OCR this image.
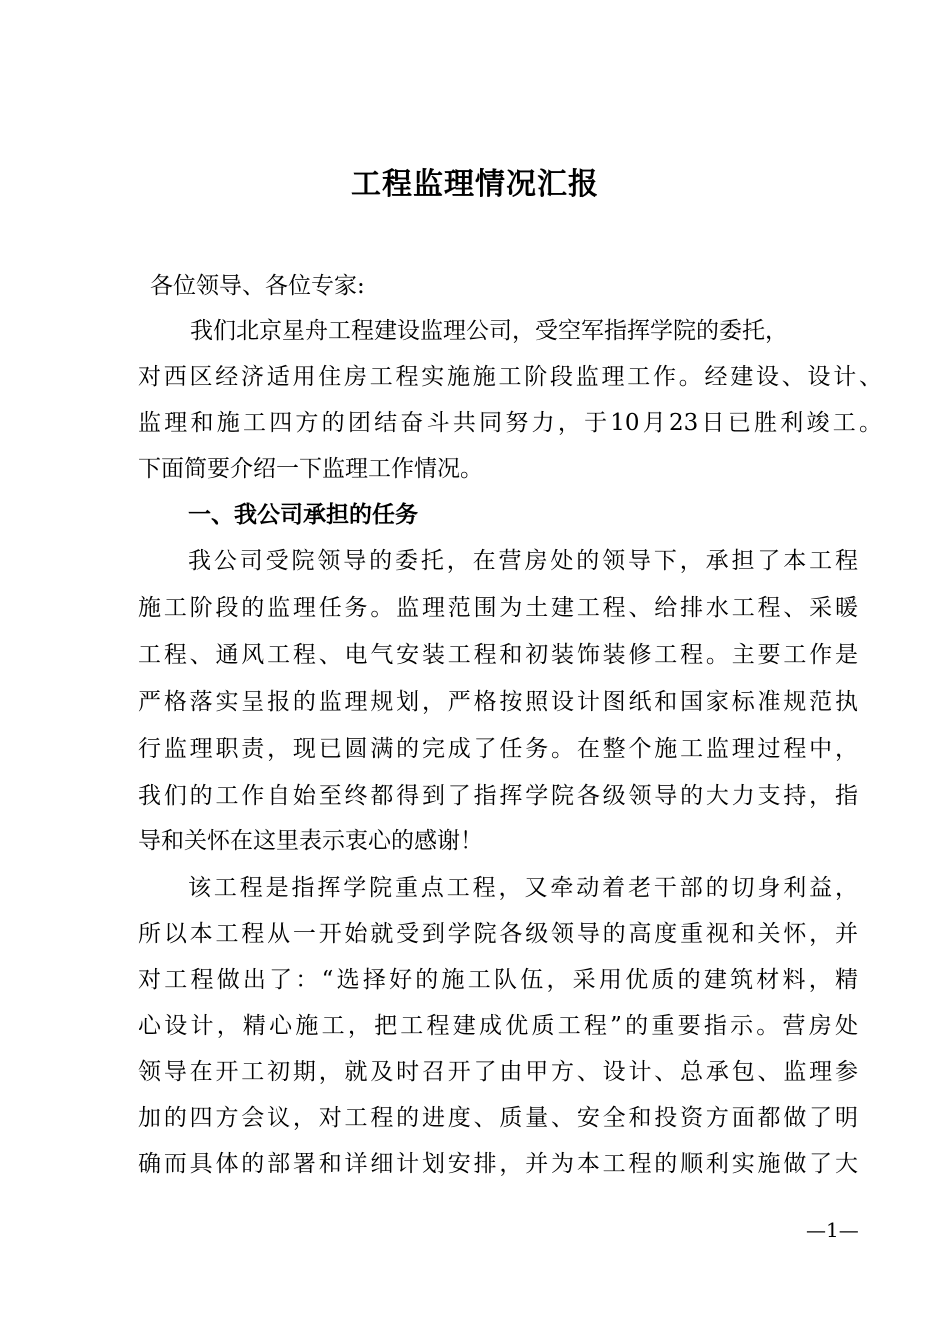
工程监理情况汇报

各位领导、各位专家:

我们北京星舟工程建设监理公司，受空军指挥学院的委托，

对西区经济适用住房工程实施施工阶段监理工作。经建设、设计、

监理和施工四方的团结奋斗共同努力，于10月23日已胜利竣工。

下面简要介绍一下监理工作情况。

一、我公司承担的任务

我公司受院领导的委托，在营房处的领导下，承担了本工程

施工阶段的监理任务。监理范围为土建工程、给排水工程、采暖

工程、通风工程、电气安装工程和初装饰装修工程。主要工作是

严格落实呈报的监理规划，严格按照设计图纸和国家标准规范执

行监理职责，现已圆满的完成了任务。在整个施工监理过程中，

我们的工作自始至终都得到了指挥学院各级领导的大力支持，指

导和关怀在这里表示衷心的感谢！

该工程是指挥学院重点工程，又牵动着老干部的切身利益，

所以本工程从一开始就受到学院各级领导的高度重视和关怀，并

对工程做出了：“选择好的施工队伍，采用优质的建筑材料，精

心设计，精心施工，把工程建成优质工程”的重要指示。营房处

领导在开工初期，就及时召开了由甲方、设计、总承包、监理参

加的四方会议，对工程的进度、质量、安全和投资方面都做了明

确而具体的部署和详细计划安排，并为本工程的顺利实施做了大

—1—
